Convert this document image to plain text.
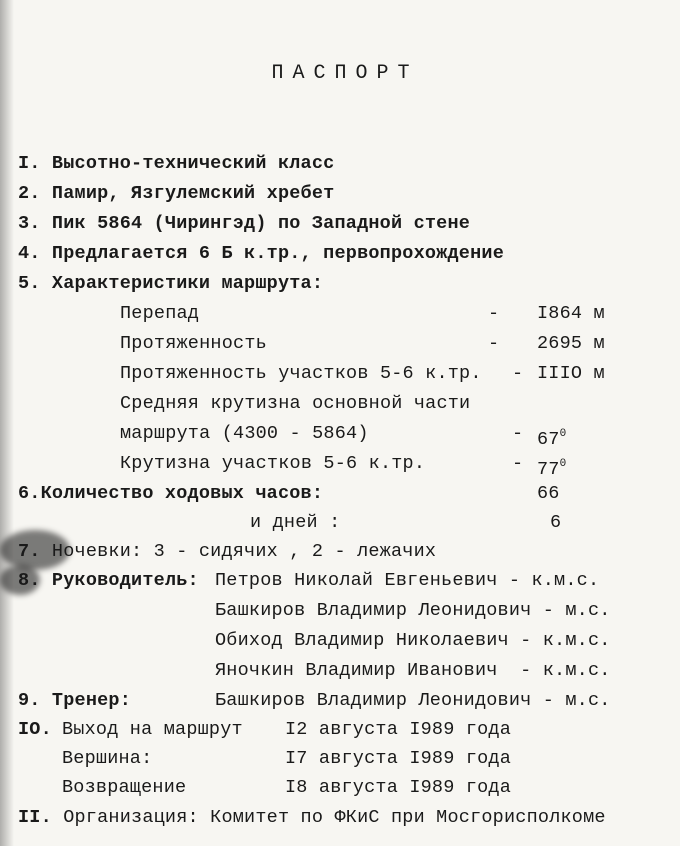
ПАСПОРТ
I. Высотно-технический класс
2. Памир, Язгулемский хребет
3. Пик 5864 (Чирингэд) по Западной стене
4. Предлагается 6 Б к.тр., первопрохождение
5. Характеристики маршрута:
Перепад	- I864 м
Протяженность	- 2695 м
Протяженность участков 5-6 к.тр. - IIIO м
Средняя крутизна основной части
маршрута (4300 - 5864)	- $67^0$
Крутизна участков 5-6 к.тр.	- $77^0$
6.Количество ходовых часов:	66
и дней :	6
7. Ночевки: 3 - сидячих , 2 - лежачих
8. Руководитель: Петров Николай Евгеньевич - к.м.с.
Башкиров Владимир Леонидович - м.с.
Обиход Владимир Николаевич - к.м.с.
Яночкин Владимир Иванович  - к.м.с.
9. Тренер:	Башкиров Владимир Леонидович - м.с.
IO. Выход на маршрут I2 августа I989 года
Вершина:	I7 августа I989 года
Возвращение	I8 августа I989 года
II. Организация: Комитет по ФКиС при Мосгорисполкоме
